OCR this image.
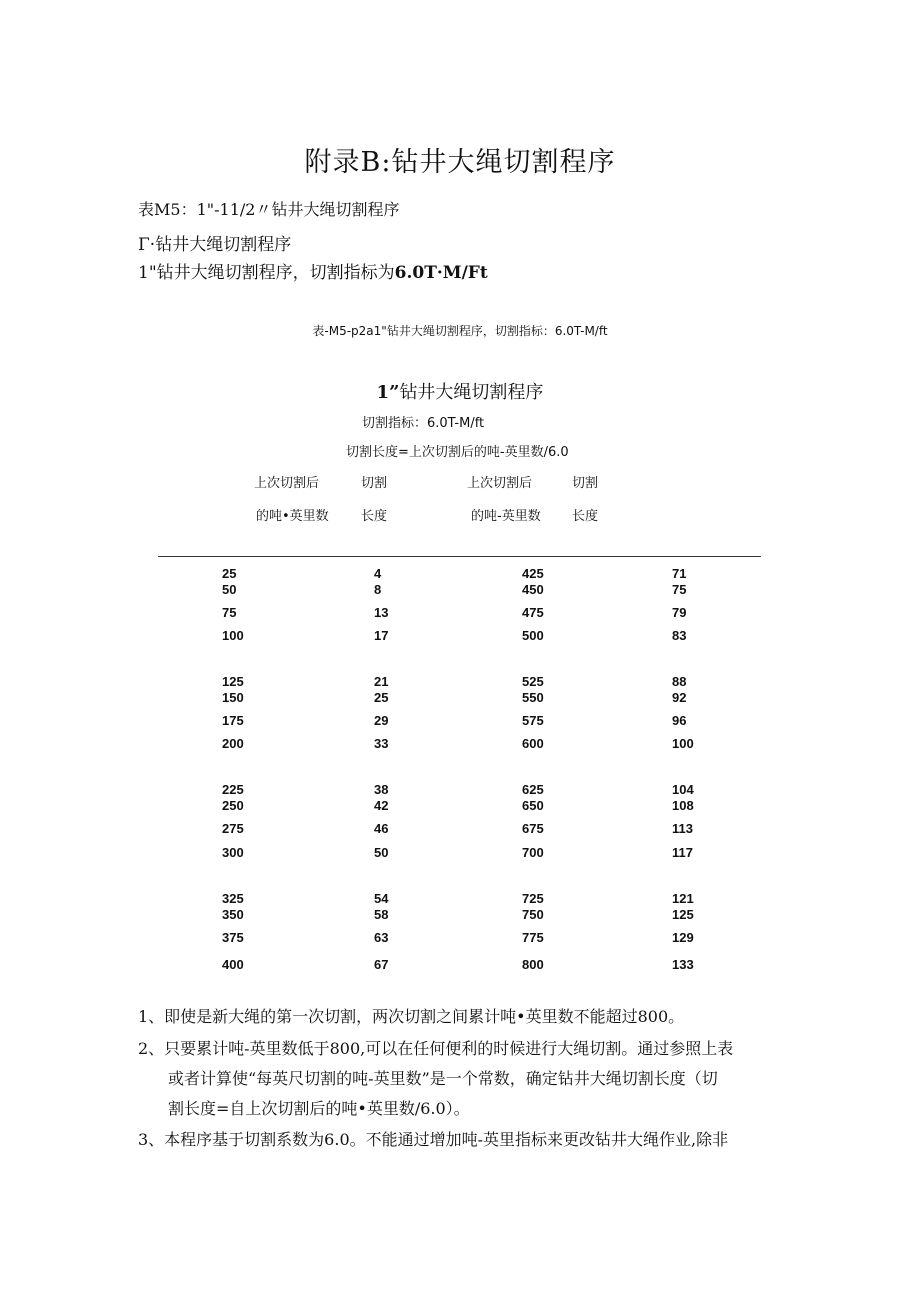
附录B:钻井大绳切割程序
表M5：1"-11/2〃钻井大绳切割程序
Γ·钻井大绳切割程序
1"钻井大绳切割程序，切割指标为6.0T·M/Ft
表-M5-p2a1"钻井大绳切割程序，切割指标：6.0T-M/ft
1”钻井大绳切割程序
切割指标：6.0T-M/ft
切割长度=上次切割后的吨-英里数/6.0
上次切割后
的吨•英里数
切割
长度
上次切割后
的吨-英里数
切割
长度
25	4	425	71
50	8	450	75
75	13	475	79
100	17	500	83
125	21	525	88
150	25	550	92
175	29	575	96
200	33	600	100
225	38	625	104
250	42	650	108
275	46	675	113
300	50	700	117
325	54	725	121
350	58	750	125
375	63	775	129
400	67	800	133
1、即使是新大绳的第一次切割，两次切割之间累计吨•英里数不能超过800。
2、只要累计吨-英里数低于800,可以在任何便利的时候进行大绳切割。通过参照上表
或者计算使“每英尺切割的吨-英里数”是一个常数，确定钻井大绳切割长度（切
割长度=自上次切割后的吨•英里数/6.0）。
3、本程序基于切割系数为6.0。不能通过增加吨-英里指标来更改钻井大绳作业,除非
